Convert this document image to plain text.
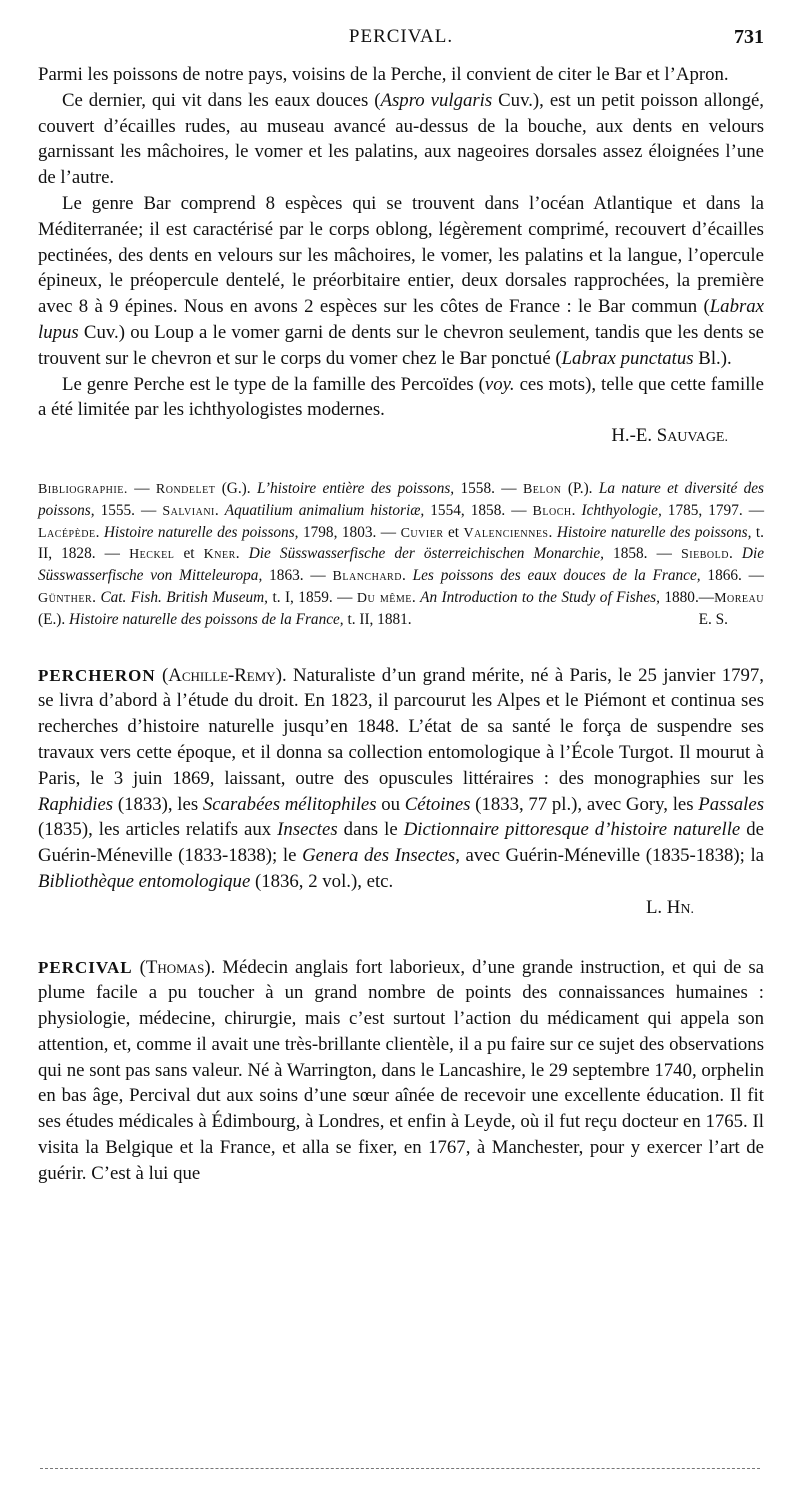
PERCIVAL.	731

Parmi les poissons de notre pays, voisins de la Perche, il convient de citer le Bar et l’Apron.

Ce dernier, qui vit dans les eaux douces (Aspro vulgaris Cuv.), est un petit poisson allongé, couvert d’écailles rudes, au museau avancé au-dessus de la bouche, aux dents en velours garnissant les mâchoires, le vomer et les palatins, aux nageoires dorsales assez éloignées l’une de l’autre.

Le genre Bar comprend 8 espèces qui se trouvent dans l’océan Atlantique et dans la Méditerranée; il est caractérisé par le corps oblong, légèrement comprimé, recouvert d’écailles pectinées, des dents en velours sur les mâchoires, le vomer, les palatins et la langue, l’opercule épineux, le préopercule dentelé, le préorbitaire entier, deux dorsales rapprochées, la première avec 8 à 9 épines. Nous en avons 2 espèces sur les côtes de France : le Bar commun (Labrax lupus Cuv.) ou Loup a le vomer garni de dents sur le chevron seulement, tandis que les dents se trouvent sur le chevron et sur le corps du vomer chez le Bar ponctué (Labrax punctatus Bl.).

Le genre Perche est le type de la famille des Percoïdes (voy. ces mots), telle que cette famille a été limitée par les ichthyologistes modernes.

H.-E. SAUVAGE.
Bibliographie. — Rondelet (G.). L’histoire entière des poissons, 1558. — Belon (P.). La nature et diversité des poissons, 1555. — Salviani. Aquatilium animalium historiæ, 1554, 1858. — Bloch. Ichthyologie, 1785, 1797. — Lacépède. Histoire naturelle des poissons, 1798, 1803. — Cuvier et Valenciennes. Histoire naturelle des poissons, t. II, 1828. — Heckel et Kner. Die Süsswasserfische der österreichischen Monarchie, 1858. — Siebold. Die Süsswasserfische von Mitteleuropa, 1863. — Blanchard. Les poissons des eaux douces de la France, 1866. — Günther. Cat. Fish. British Museum, t. I, 1859. — Du même. An Introduction to the Study of Fishes, 1880.—Moreau (E.). Histoire naturelle des poissons de la France, t. II, 1881.	E. S.

PERCHERON (Achille-Remy). Naturaliste d’un grand mérite, né à Paris, le 25 janvier 1797, se livra d’abord à l’étude du droit. En 1823, il parcourut les Alpes et le Piémont et continua ses recherches d’histoire naturelle jusqu’en 1848. L’état de sa santé le força de suspendre ses travaux vers cette époque, et il donna sa collection entomologique à l’École Turgot. Il mourut à Paris, le 3 juin 1869, laissant, outre des opuscules littéraires : des monographies sur les Raphidies (1833), les Scarabées mélitophiles ou Cétoines (1833, 77 pl.), avec Gory, les Passales (1835), les articles relatifs aux Insectes dans le Dictionnaire pittoresque d’histoire naturelle de Guérin-Méneville (1833-1838); le Genera des Insectes, avec Guérin-Méneville (1835-1838); la Bibliothèque entomologique (1836, 2 vol.), etc.

L. HN.

PERCIVAL (Thomas). Médecin anglais fort laborieux, d’une grande instruction, et qui de sa plume facile a pu toucher à un grand nombre de points des connaissances humaines : physiologie, médecine, chirurgie, mais c’est surtout l’action du médicament qui appela son attention, et, comme il avait une très-brillante clientèle, il a pu faire sur ce sujet des observations qui ne sont pas sans valeur. Né à Warrington, dans le Lancashire, le 29 septembre 1740, orphelin en bas âge, Percival dut aux soins d’une sœur aînée de recevoir une excellente éducation. Il fit ses études médicales à Édimbourg, à Londres, et enfin à Leyde, où il fut reçu docteur en 1765. Il visita la Belgique et la France, et alla se fixer, en 1767, à Manchester, pour y exercer l’art de guérir. C’est à lui que
